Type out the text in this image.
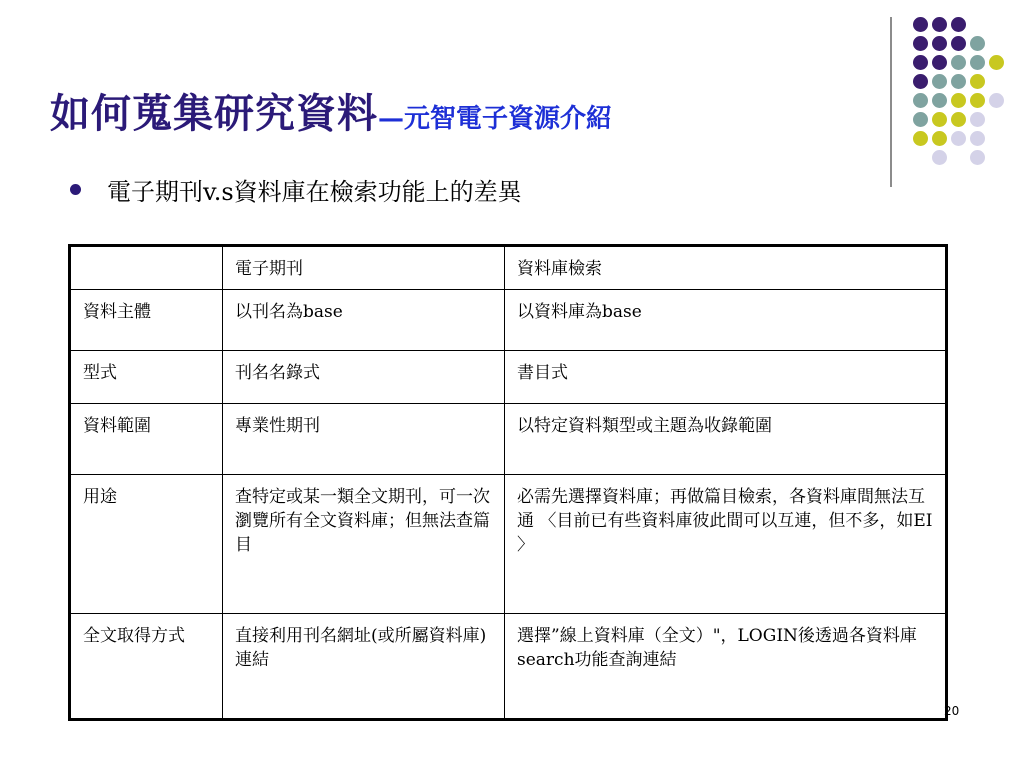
如何蒐集研究資料—元智電子資源介紹
電子期刊v.s資料庫在檢索功能上的差異
	電子期刊	資料庫檢索
資料主體	以刊名為base	以資料庫為base
型式	刊名名錄式	書目式
資料範圍	專業性期刊	以特定資料類型或主題為收錄範圍
用途	查特定或某一類全文期刊，可一次瀏覽所有全文資料庫；但無法查篇目	必需先選擇資料庫；再做篇目檢索，各資料庫間無法互通 〈目前已有些資料庫彼此間可以互連，但不多，如EI 〉
全文取得方式	直接利用刊名網址(或所屬資料庫)連結	選擇”線上資料庫（全文）"，LOGIN後透過各資料庫search功能查詢連結
20
